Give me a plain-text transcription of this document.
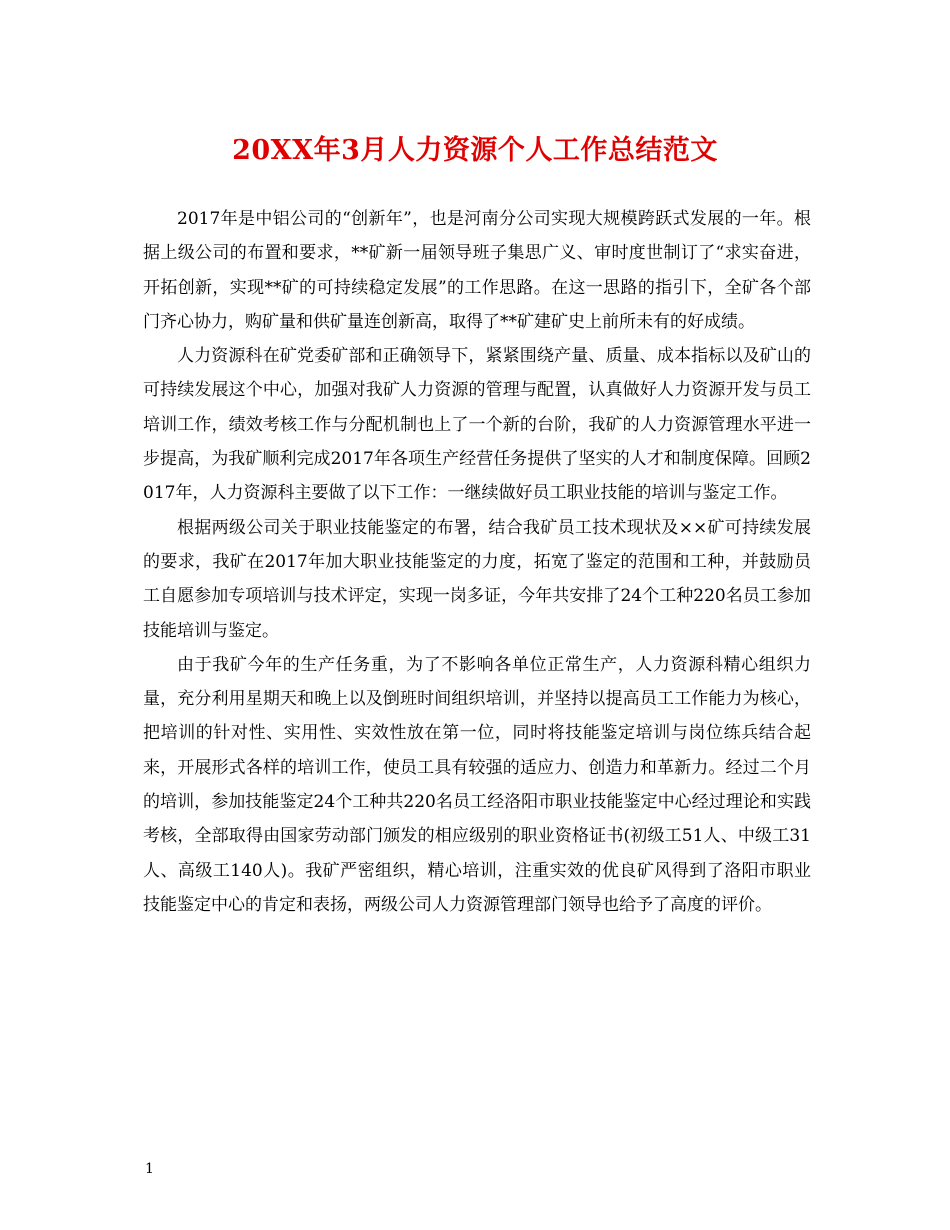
20XX年3月人力资源个人工作总结范文

2017年是中铝公司的“创新年”，也是河南分公司实现大规模跨跃式发展的一年。根据上级公司的布置和要求，**矿新一届领导班子集思广义、审时度世制订了“求实奋进，开拓创新，实现**矿的可持续稳定发展”的工作思路。在这一思路的指引下，全矿各个部门齐心协力，购矿量和供矿量连创新高，取得了**矿建矿史上前所未有的好成绩。

人力资源科在矿党委矿部和正确领导下，紧紧围绕产量、质量、成本指标以及矿山的可持续发展这个中心，加强对我矿人力资源的管理与配置，认真做好人力资源开发与员工培训工作，绩效考核工作与分配机制也上了一个新的台阶，我矿的人力资源管理水平进一步提高，为我矿顺利完成2017年各项生产经营任务提供了坚实的人才和制度保障。回顾2017年，人力资源科主要做了以下工作：一继续做好员工职业技能的培训与鉴定工作。

根据两级公司关于职业技能鉴定的布署，结合我矿员工技术现状及××矿可持续发展的要求，我矿在2017年加大职业技能鉴定的力度，拓宽了鉴定的范围和工种，并鼓励员工自愿参加专项培训与技术评定，实现一岗多证，今年共安排了24个工种220名员工参加技能培训与鉴定。

由于我矿今年的生产任务重，为了不影响各单位正常生产，人力资源科精心组织力量，充分利用星期天和晚上以及倒班时间组织培训，并坚持以提高员工工作能力为核心，把培训的针对性、实用性、实效性放在第一位，同时将技能鉴定培训与岗位练兵结合起来，开展形式各样的培训工作，使员工具有较强的适应力、创造力和革新力。经过二个月的培训，参加技能鉴定24个工种共220名员工经洛阳市职业技能鉴定中心经过理论和实践考核，全部取得由国家劳动部门颁发的相应级别的职业资格证书(初级工51人、中级工31人、高级工140人)。我矿严密组织，精心培训，注重实效的优良矿风得到了洛阳市职业技能鉴定中心的肯定和表扬，两级公司人力资源管理部门领导也给予了高度的评价。

1
